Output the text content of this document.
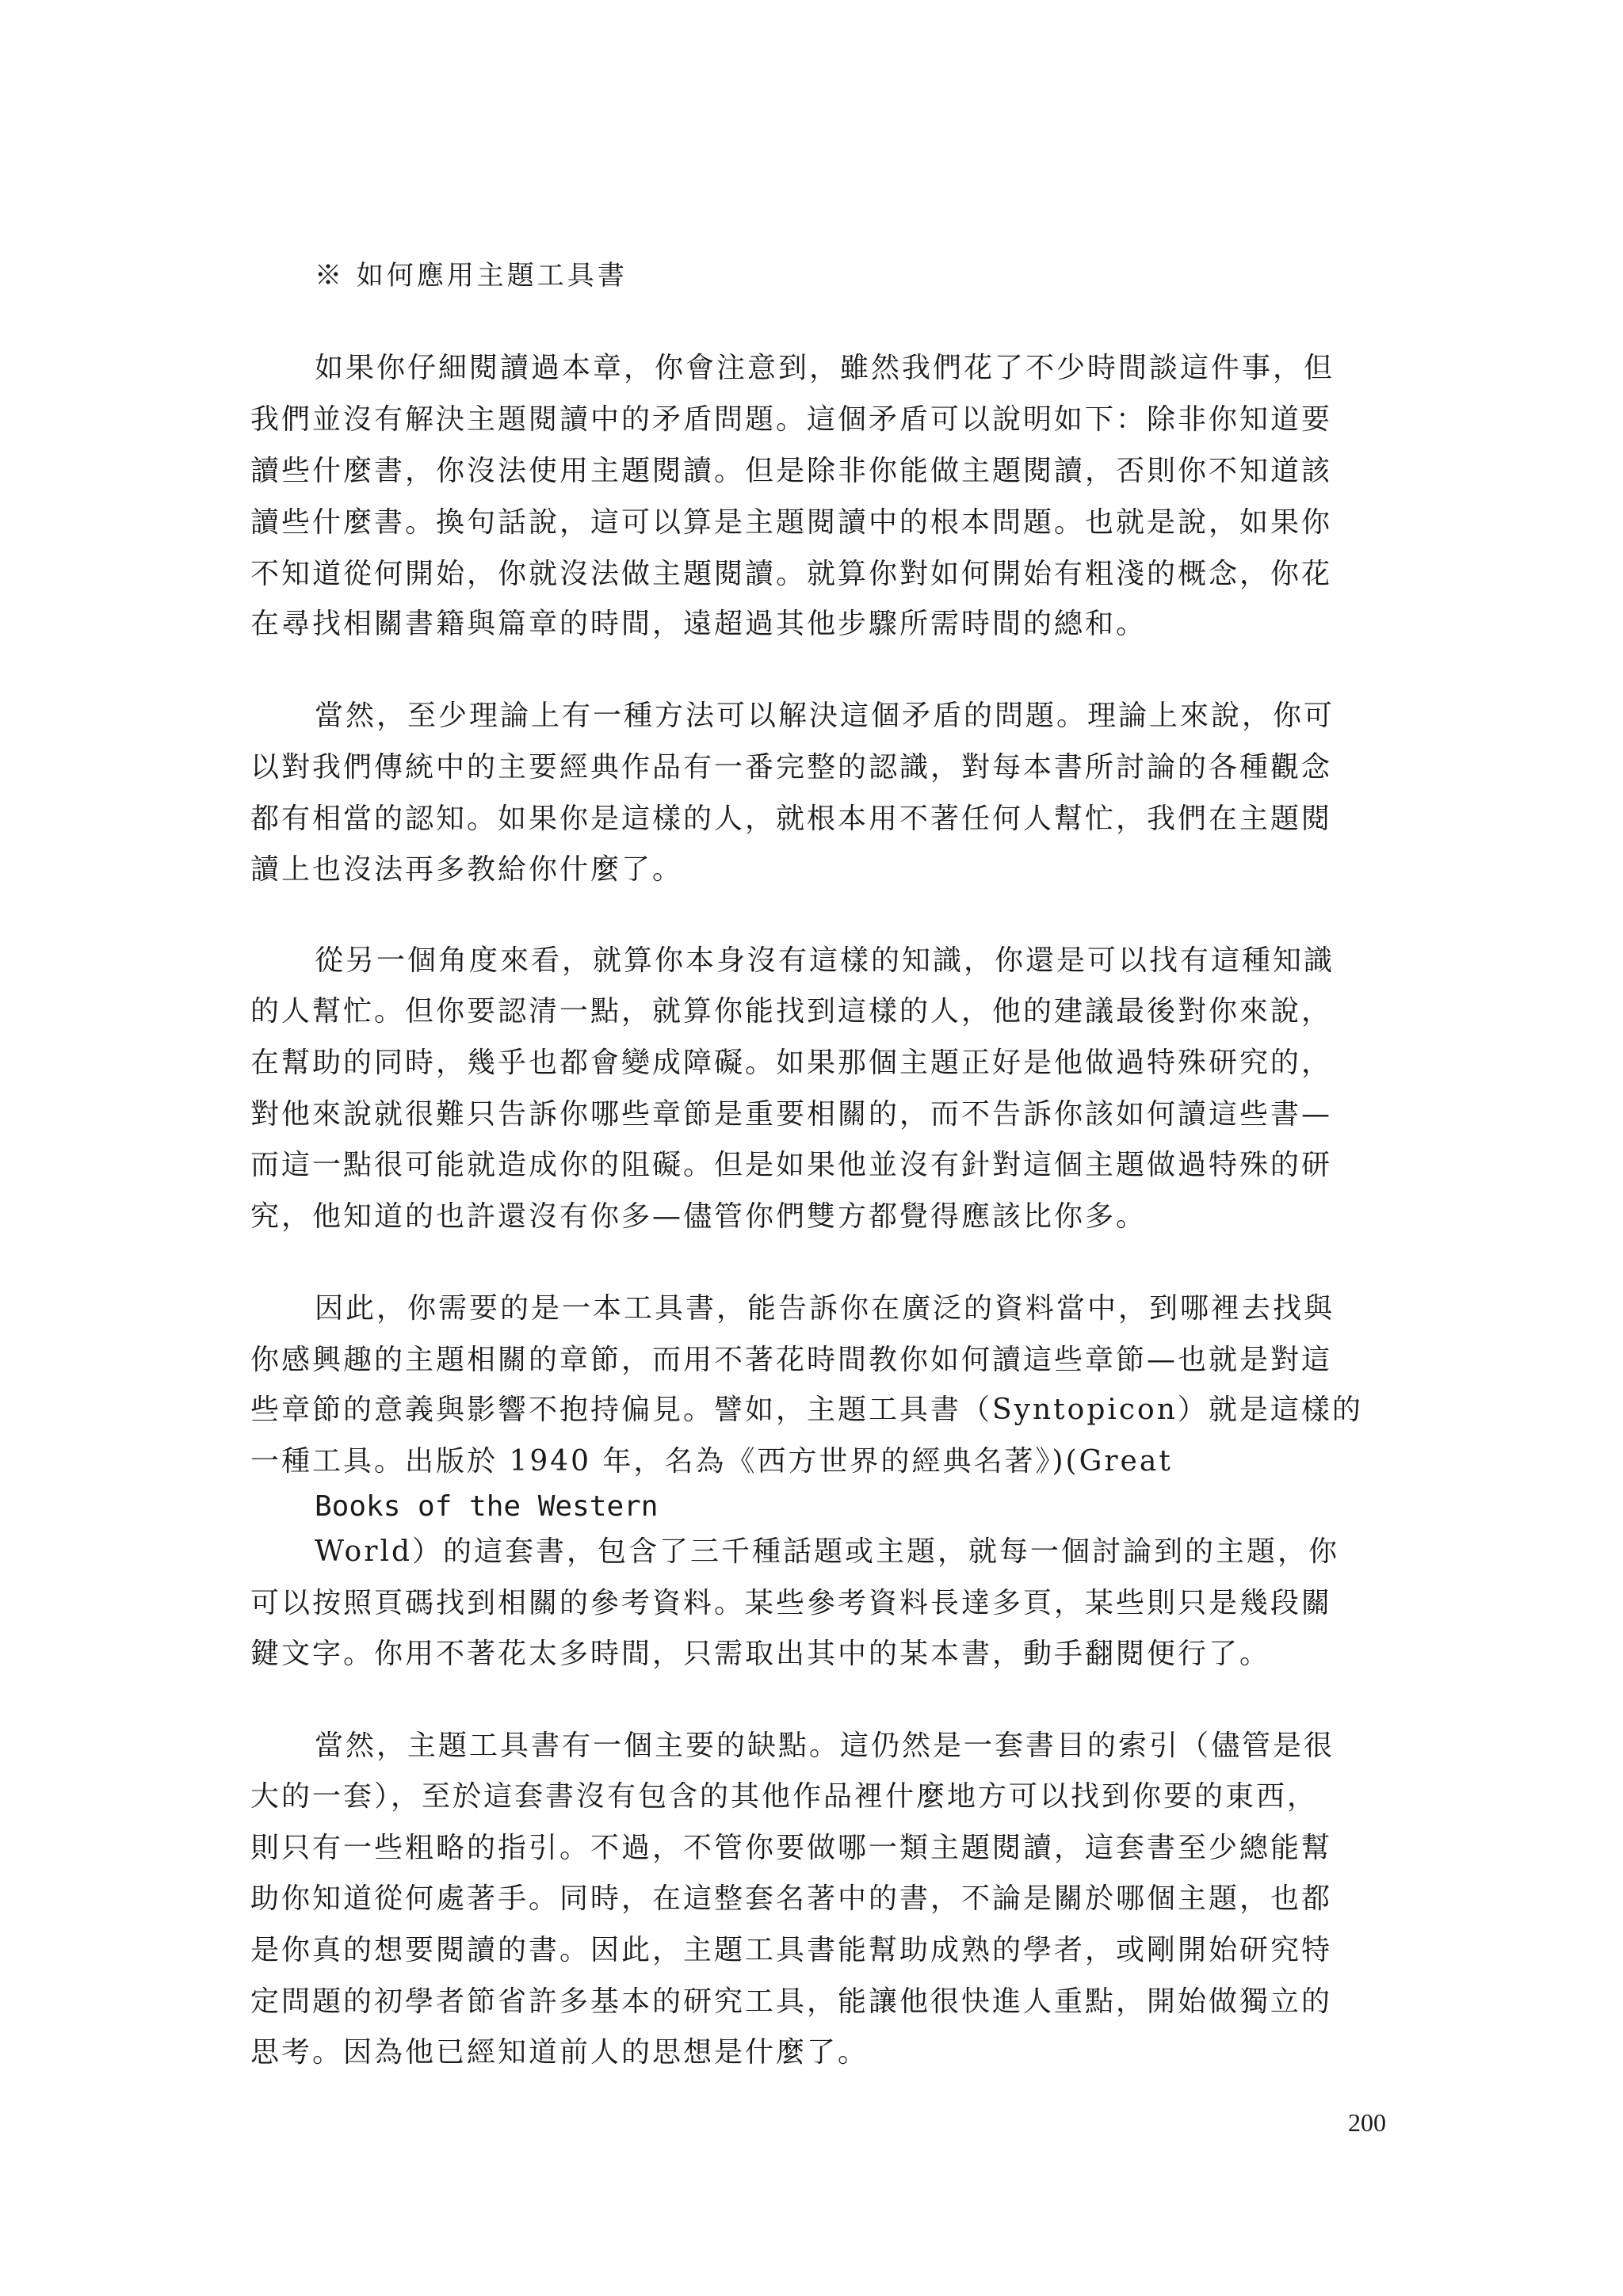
※ 如何應用主題工具書
如果你仔細閱讀過本章，你會注意到，雖然我們花了不少時間談這件事，但
我們並沒有解決主題閱讀中的矛盾問題。這個矛盾可以說明如下：除非你知道要
讀些什麼書，你沒法使用主題閱讀。但是除非你能做主題閱讀，否則你不知道該
讀些什麼書。換句話說，這可以算是主題閱讀中的根本問題。也就是說，如果你
不知道從何開始，你就沒法做主題閱讀。就算你對如何開始有粗淺的概念，你花
在尋找相關書籍與篇章的時間，遠超過其他步驟所需時間的總和。
當然，至少理論上有一種方法可以解決這個矛盾的問題。理論上來說，你可
以對我們傳統中的主要經典作品有一番完整的認識，對每本書所討論的各種觀念
都有相當的認知。如果你是這樣的人，就根本用不著任何人幫忙，我們在主題閱
讀上也沒法再多教給你什麼了。
從另一個角度來看，就算你本身沒有這樣的知識，你還是可以找有這種知識
的人幫忙。但你要認清一點，就算你能找到這樣的人，他的建議最後對你來說，
在幫助的同時，幾乎也都會變成障礙。如果那個主題正好是他做過特殊研究的，
對他來說就很難只告訴你哪些章節是重要相關的，而不告訴你該如何讀這些書—
而這一點很可能就造成你的阻礙。但是如果他並沒有針對這個主題做過特殊的研
究，他知道的也許還沒有你多—儘管你們雙方都覺得應該比你多。
因此，你需要的是一本工具書，能告訴你在廣泛的資料當中，到哪裡去找與
你感興趣的主題相關的章節，而用不著花時間教你如何讀這些章節—也就是對這
些章節的意義與影響不抱持偏見。譬如，主題工具書（Syntopicon）就是這樣的
一種工具。出版於 1940 年，名為《西方世界的經典名著》)(Great
Books of the Western
World）的這套書，包含了三千種話題或主題，就每一個討論到的主題，你
可以按照頁碼找到相關的參考資料。某些參考資料長達多頁，某些則只是幾段關
鍵文字。你用不著花太多時間，只需取出其中的某本書，動手翻閱便行了。
當然，主題工具書有一個主要的缺點。這仍然是一套書目的索引（儘管是很
大的一套），至於這套書沒有包含的其他作品裡什麼地方可以找到你要的東西，
則只有一些粗略的指引。不過，不管你要做哪一類主題閱讀，這套書至少總能幫
助你知道從何處著手。同時，在這整套名著中的書，不論是關於哪個主題，也都
是你真的想要閱讀的書。因此，主題工具書能幫助成熟的學者，或剛開始研究特
定問題的初學者節省許多基本的研究工具，能讓他很快進人重點，開始做獨立的
思考。因為他已經知道前人的思想是什麼了。
200
